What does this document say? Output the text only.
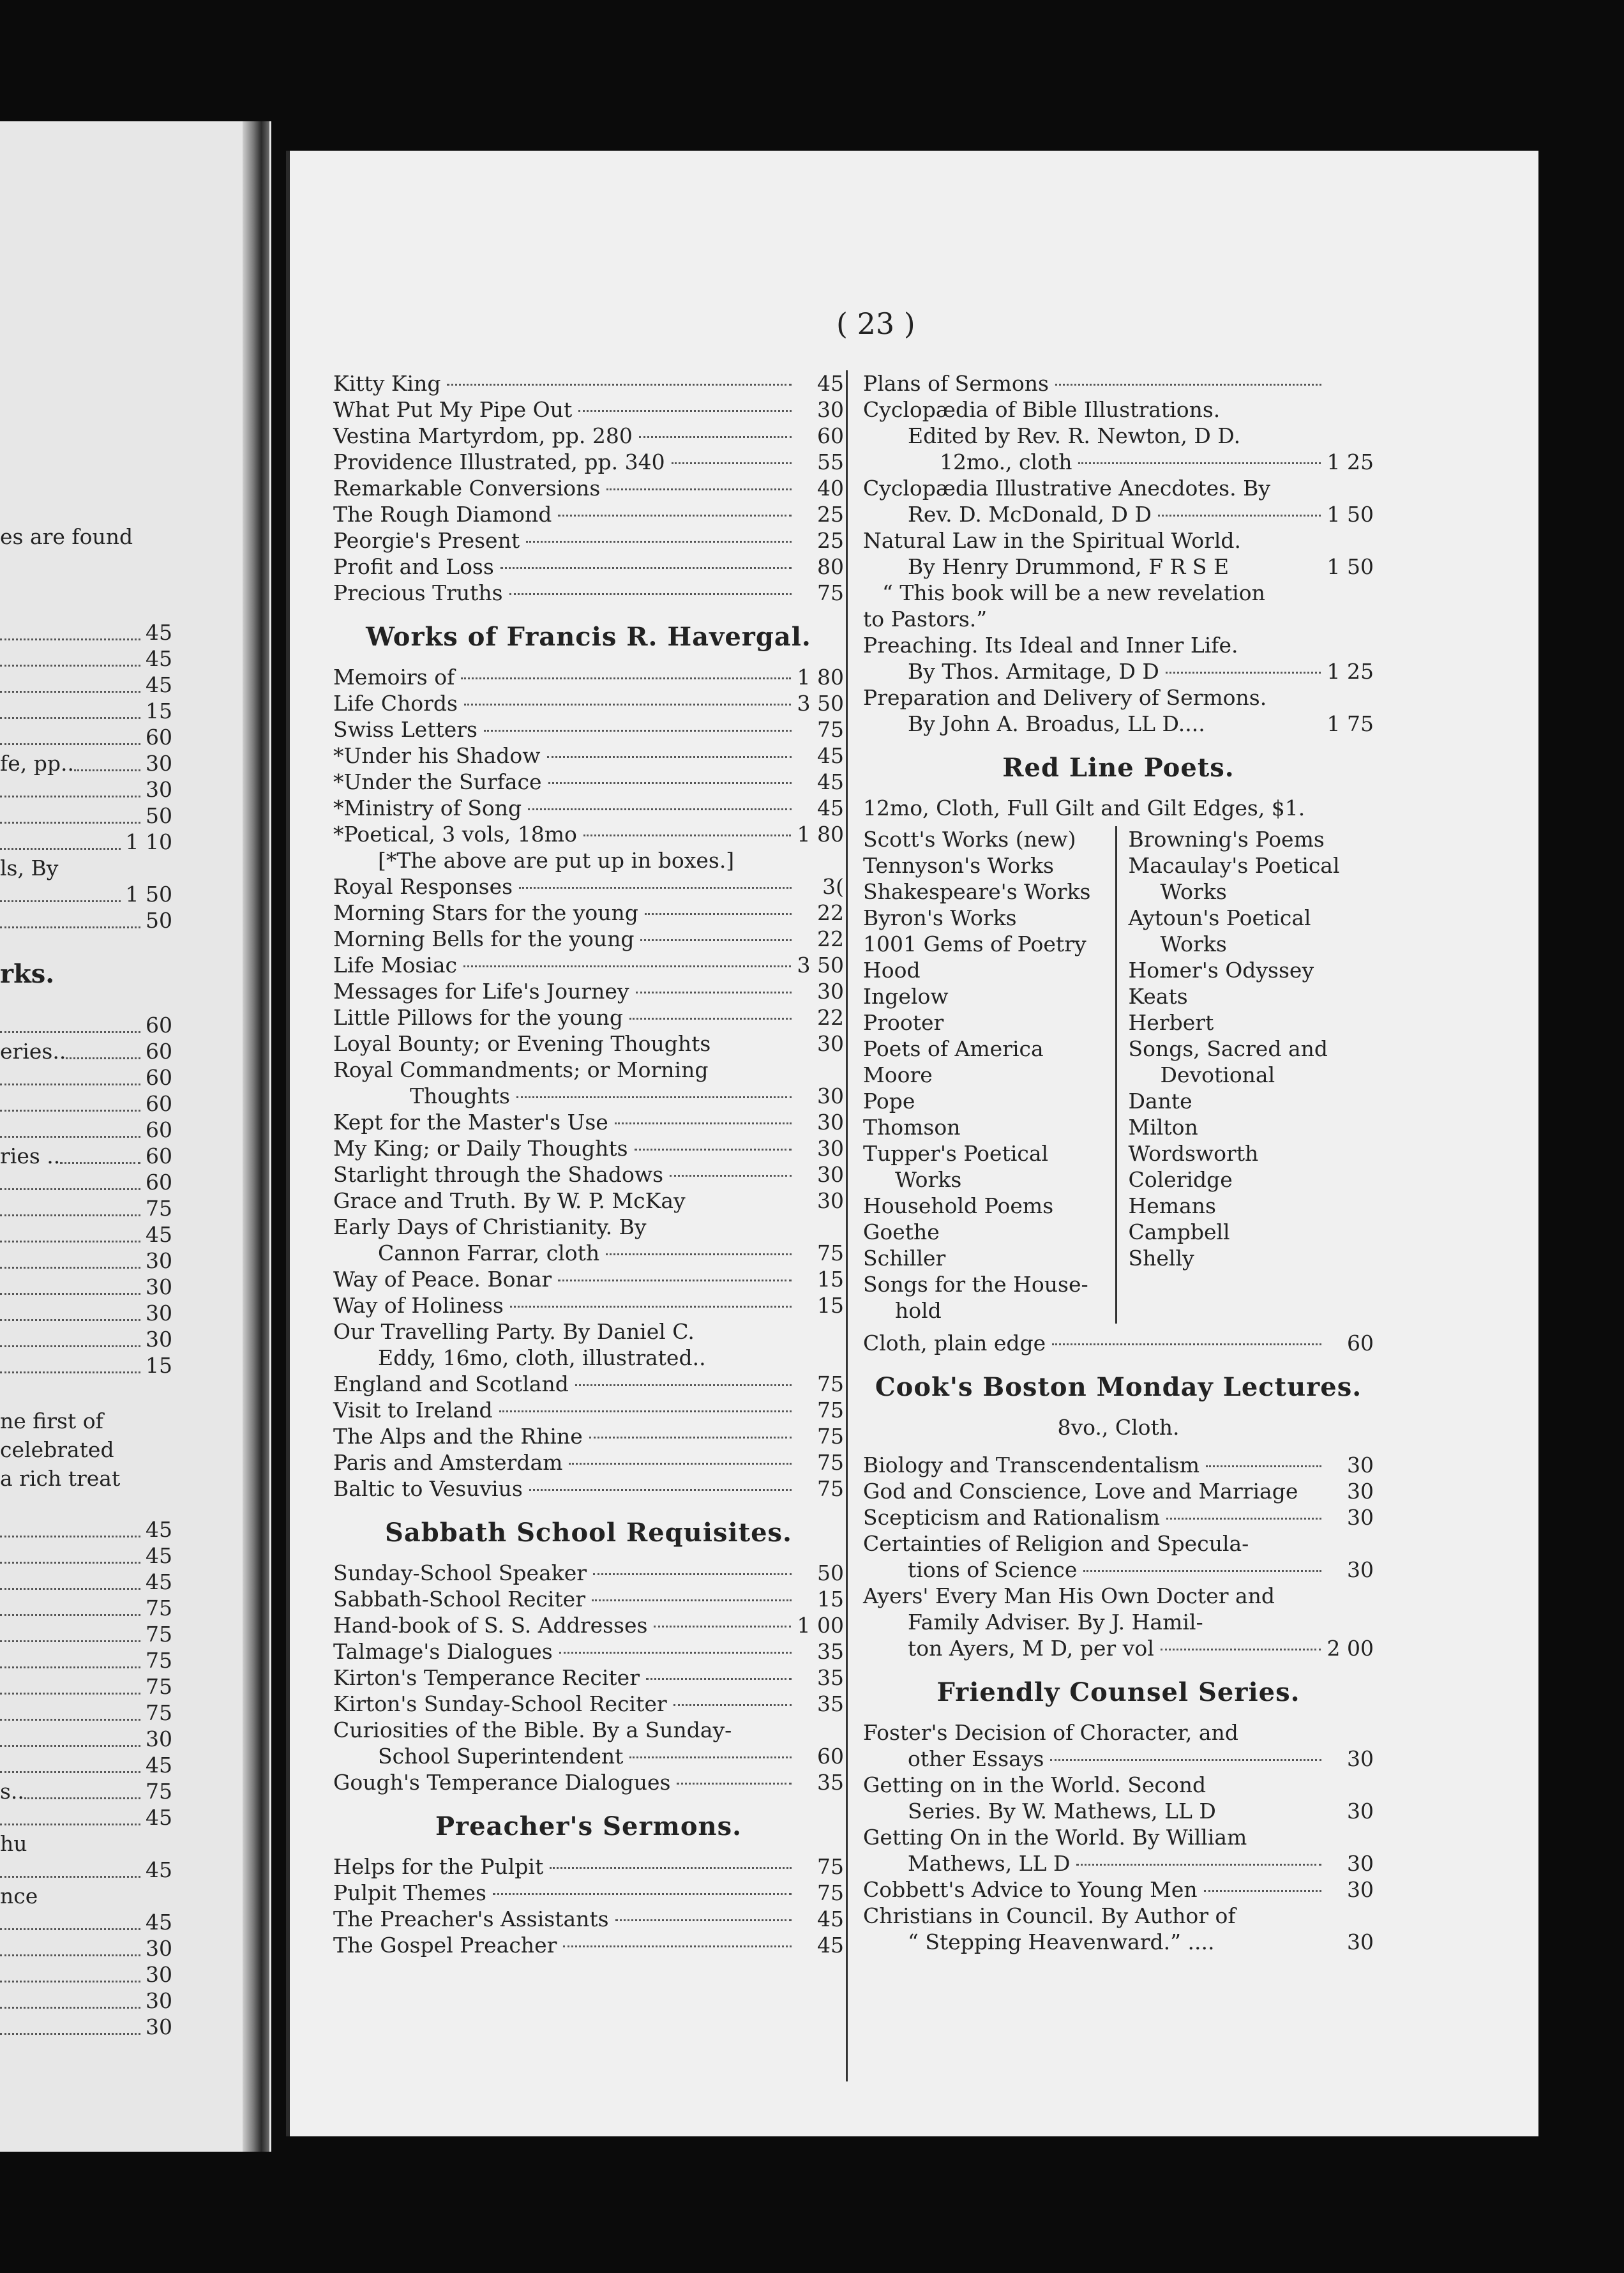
es are found
45
45
45
15
60
fe, pp..	30
30
50
1 10
ls, By
1 50
50
rks.
60
eries..	60
60
60
60
ries ..	60
60
75
45
30
30
30
30
15
ne first of
celebrated
a rich treat
45
45
45
75
75
75
75
75
30
45
s..	75
45
hu
45
nce
45
30
30
30
30
( 23 )
Kitty King	45
What Put My Pipe Out	30
Vestina Martyrdom, pp. 280	60
Providence Illustrated, pp. 340	55
Remarkable Conversions	40
The Rough Diamond	25
Peorgie's Present	25
Profit and Loss	80
Precious Truths	75
Works of Francis R. Havergal.
Memoirs of	1 80
Life Chords	3 50
Swiss Letters	75
*Under his Shadow	45
*Under the Surface	45
*Ministry of Song	45
*Poetical, 3 vols, 18mo	1 80
[*The above are put up in boxes.]
Royal Responses	3(
Morning Stars for the young	22
Morning Bells for the young	22
Life Mosiac	3 50
Messages for Life's Journey	30
Little Pillows for the young	22
Loyal Bounty; or Evening Thoughts	30
Royal Commandments; or Morning
Thoughts	30
Kept for the Master's Use	30
My King; or Daily Thoughts	30
Starlight through the Shadows	30
Grace and Truth. By W. P. McKay	30
Early Days of Christianity. By
Cannon Farrar, cloth	75
Way of Peace. Bonar	15
Way of Holiness	15
Our Travelling Party. By Daniel C.
Eddy, 16mo, cloth, illustrated..
England and Scotland	75
Visit to Ireland	75
The Alps and the Rhine	75
Paris and Amsterdam	75
Baltic to Vesuvius	75
Sabbath School Requisites.
Sunday-School Speaker	50
Sabbath-School Reciter	15
Hand-book of S. S. Addresses	1 00
Talmage's Dialogues	35
Kirton's Temperance Reciter	35
Kirton's Sunday-School Reciter	35
Curiosities of the Bible. By a Sunday-
School Superintendent	60
Gough's Temperance Dialogues	35
Preacher's Sermons.
Helps for the Pulpit	75
Pulpit Themes	75
The Preacher's Assistants	45
The Gospel Preacher	45
Plans of Sermons
Cyclopædia of Bible Illustrations.
Edited by Rev. R. Newton, D D.
12mo., cloth	1 25
Cyclopædia Illustrative Anecdotes. By
Rev. D. McDonald, D D	1 50
Natural Law in the Spiritual World.
By Henry Drummond, F R S E	1 50
“ This book will be a new revelation
to Pastors.”
Preaching. Its Ideal and Inner Life.
By Thos. Armitage, D D	1 25
Preparation and Delivery of Sermons.
By John A. Broadus, LL D....	1 75
Red Line Poets.
12mo, Cloth, Full Gilt and Gilt Edges, $1.
Scott's Works (new)
Tennyson's Works
Shakespeare's Works
Byron's Works
1001 Gems of Poetry
Hood
Ingelow
Prooter
Poets of America
Moore
Pope
Thomson
Tupper's Poetical
Works
Household Poems
Goethe
Schiller
Songs for the House-
hold
Browning's Poems
Macaulay's Poetical
Works
Aytoun's Poetical
Works
Homer's Odyssey
Keats
Herbert
Songs, Sacred and
Devotional
Dante
Milton
Wordsworth
Coleridge
Hemans
Campbell
Shelly
Cloth, plain edge	60
Cook's Boston Monday Lectures.
8vo., Cloth.
Biology and Transcendentalism	30
God and Conscience, Love and Marriage	30
Scepticism and Rationalism	30
Certainties of Religion and Specula-
tions of Science	30
Ayers' Every Man His Own Docter and
Family Adviser. By J. Hamil-
ton Ayers, M D, per vol	2 00
Friendly Counsel Series.
Foster's Decision of Choracter, and
other Essays	30
Getting on in the World. Second
Series. By W. Mathews, LL D	30
Getting On in the World. By William
Mathews, LL D	30
Cobbett's Advice to Young Men	30
Christians in Council. By Author of
“ Stepping Heavenward.” ....	30
